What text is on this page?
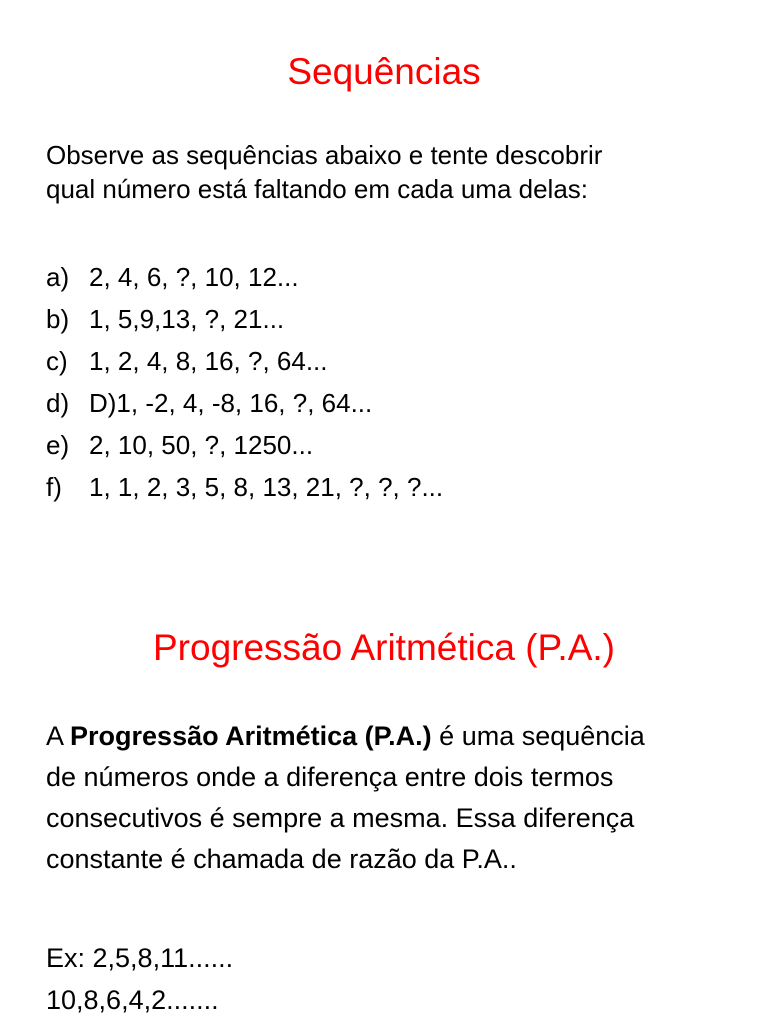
Sequências

Observe as sequências abaixo e tente descobrir
qual número está faltando em cada uma delas:

a) 2, 4, 6, ?, 10, 12...
b) 1, 5,9,13, ?, 21...
c) 1, 2, 4, 8, 16, ?, 64...
d) D)1, -2, 4, -8, 16, ?, 64...
e) 2, 10, 50, ?, 1250...
f)	1, 1, 2, 3, 5, 8, 13, 21, ?, ?, ?...
Progressão Aritmética (P.A.)

A Progressão Aritmética (P.A.) é uma sequência
de números onde a diferença entre dois termos
consecutivos é sempre a mesma. Essa diferença
constante é chamada de razão da P.A..

Ex: 2,5,8,11......
10,8,6,4,2.......
